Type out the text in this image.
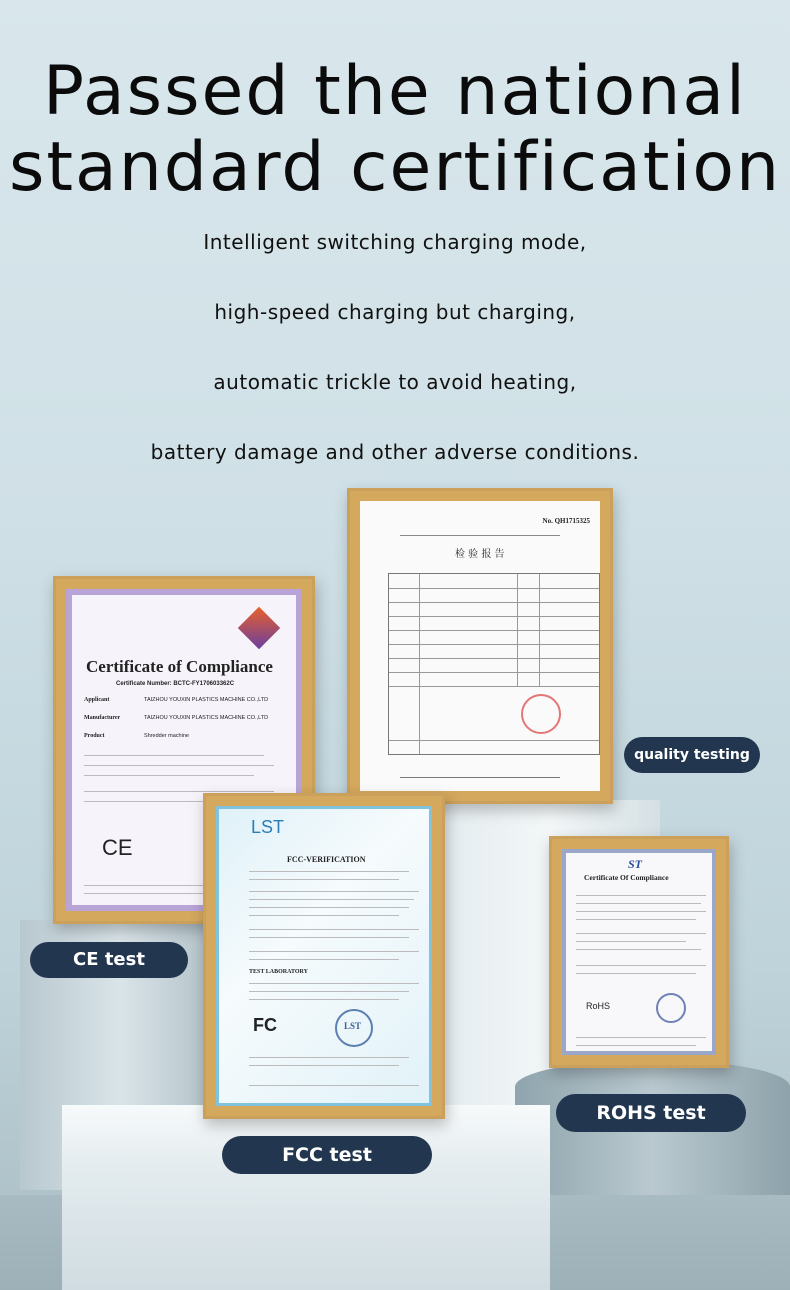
Passed the national
standard certification
Intelligent switching charging mode,
high-speed charging but charging,
automatic trickle to avoid heating,
battery damage and other adverse conditions.
Certificate of Compliance
Certificate Number: BCTC-FY170603362C
Applicant	TAIZHOU YOUXIN PLASTICS MACHINE CO.,LTD
Manufacturer	TAIZHOU YOUXIN PLASTICS MACHINE CO.,LTD
Product	Shredder machine
CE
No. QH1715325
检 验 报 告
quality testing
CE test
LST
FCC-VERIFICATION
TEST LABORATORY
FC	LST
ST
Certificate Of Compliance
RoHS
ROHS test
FCC test
